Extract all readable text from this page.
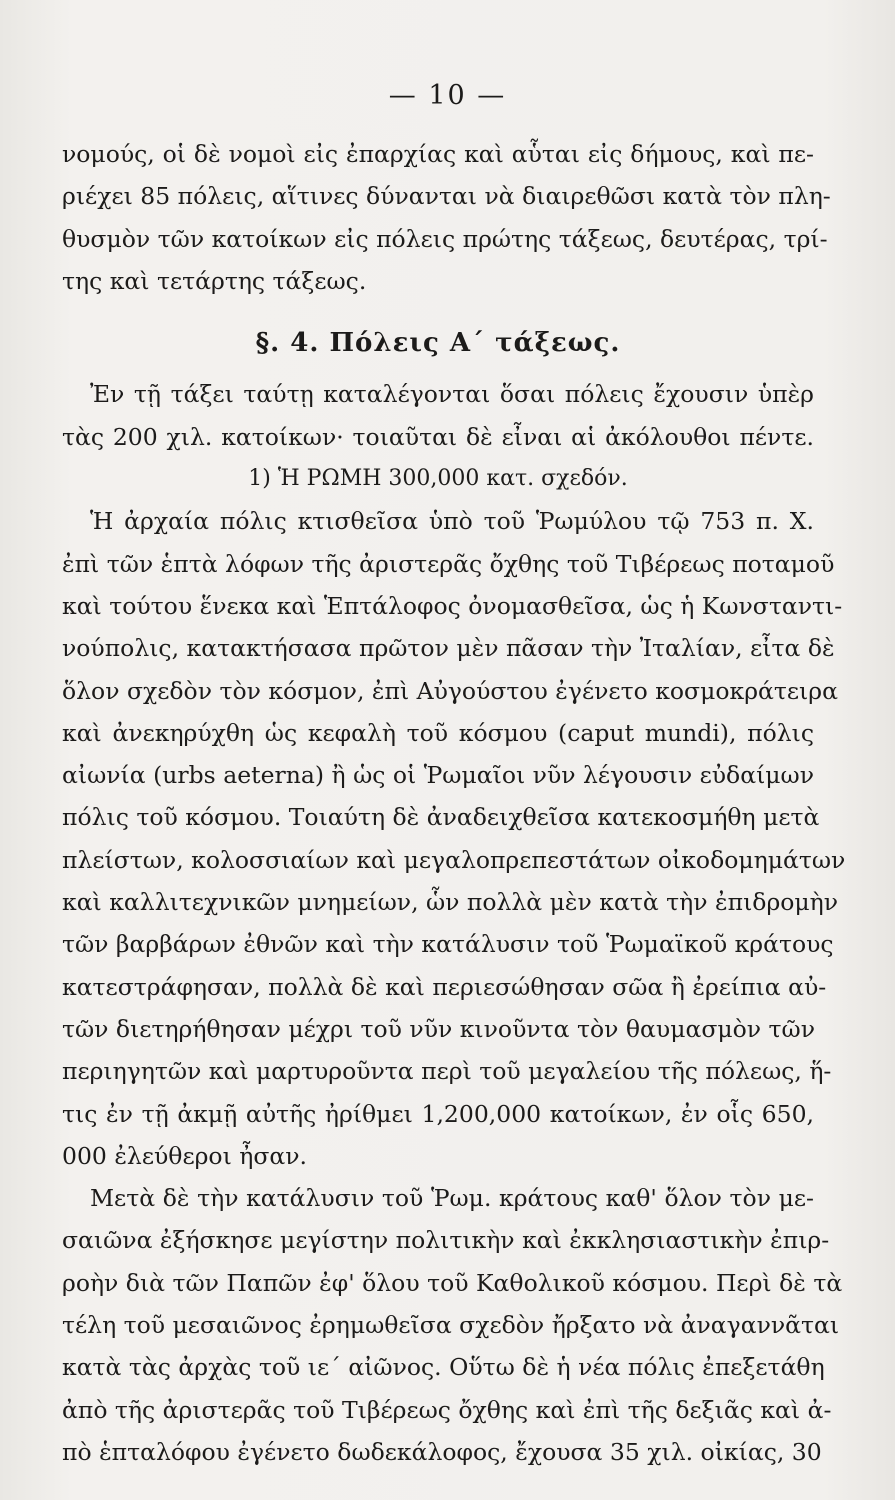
— 10 —
νομούς, οἱ δὲ νομοὶ εἰς ἐπαρχίας καὶ αὗται εἰς δήμους, καὶ πε-
ριέχει 85 πόλεις, αἵτινες δύνανται νὰ διαιρεθῶσι κατὰ τὸν πλη-
θυσμὸν τῶν κατοίκων εἰς πόλεις πρώτης τάξεως, δευτέρας, τρί-
της καὶ τετάρτης τάξεως.
§. 4. Πόλεις Α΄ τάξεως.
Ἐν τῇ τάξει ταύτῃ καταλέγονται ὅσαι πόλεις ἔχουσιν ὑπὲρ
τὰς 200 χιλ. κατοίκων· τοιαῦται δὲ εἶναι αἱ ἀκόλουθοι πέντε.
1) Ἡ ΡΩΜΗ 300,000 κατ. σχεδόν.
Ἡ ἀρχαία πόλις κτισθεῖσα ὑπὸ τοῦ Ῥωμύλου τῷ 753 π. Χ.
ἐπὶ τῶν ἑπτὰ λόφων τῆς ἀριστερᾶς ὄχθης τοῦ Τιβέρεως ποταμοῦ
καὶ τούτου ἕνεκα καὶ Ἑπτάλοφος ὀνομασθεῖσα, ὡς ἡ Κωνσταντι-
νούπολις, κατακτήσασα πρῶτον μὲν πᾶσαν τὴν Ἰταλίαν, εἶτα δὲ
ὅλον σχεδὸν τὸν κόσμον, ἐπὶ Αὐγούστου ἐγένετο κοσμοκράτειρα
καὶ ἀνεκηρύχθη ὡς κεφαλὴ τοῦ κόσμου (caput mundi), πόλις
αἰωνία (urbs aeterna) ἢ ὡς οἱ Ῥωμαῖοι νῦν λέγουσιν εὐδαίμων
πόλις τοῦ κόσμου. Τοιαύτη δὲ ἀναδειχθεῖσα κατεκοσμήθη μετὰ
πλείστων, κολοσσιαίων καὶ μεγαλοπρεπεστάτων οἰκοδομημάτων
καὶ καλλιτεχνικῶν μνημείων, ὧν πολλὰ μὲν κατὰ τὴν ἐπιδρομὴν
τῶν βαρβάρων ἐθνῶν καὶ τὴν κατάλυσιν τοῦ Ῥωμαϊκοῦ κράτους
κατεστράφησαν, πολλὰ δὲ καὶ περιεσώθησαν σῶα ἢ ἐρείπια αὐ-
τῶν διετηρήθησαν μέχρι τοῦ νῦν κινοῦντα τὸν θαυμασμὸν τῶν
περιηγητῶν καὶ μαρτυροῦντα περὶ τοῦ μεγαλείου τῆς πόλεως, ἥ-
τις ἐν τῇ ἀκμῇ αὐτῆς ἠρίθμει 1,200,000 κατοίκων, ἐν οἷς 650,
000 ἐλεύθεροι ἦσαν.
Μετὰ δὲ τὴν κατάλυσιν τοῦ Ῥωμ. κράτους καθ' ὅλον τὸν με-
σαιῶνα ἐξήσκησε μεγίστην πολιτικὴν καὶ ἐκκλησιαστικὴν ἐπιρ-
ροὴν διὰ τῶν Παπῶν ἐφ' ὅλου τοῦ Καθολικοῦ κόσμου. Περὶ δὲ τὰ
τέλη τοῦ μεσαιῶνος ἐρημωθεῖσα σχεδὸν ἤρξατο νὰ ἀναγαννᾶται
κατὰ τὰς ἀρχὰς τοῦ ιε΄ αἰῶνος. Οὕτω δὲ ἡ νέα πόλις ἐπεξετάθη
ἀπὸ τῆς ἀριστερᾶς τοῦ Τιβέρεως ὄχθης καὶ ἐπὶ τῆς δεξιᾶς καὶ ἀ-
πὸ ἑπταλόφου ἐγένετο δωδεκάλοφος, ἔχουσα 35 χιλ. οἰκίας, 30
